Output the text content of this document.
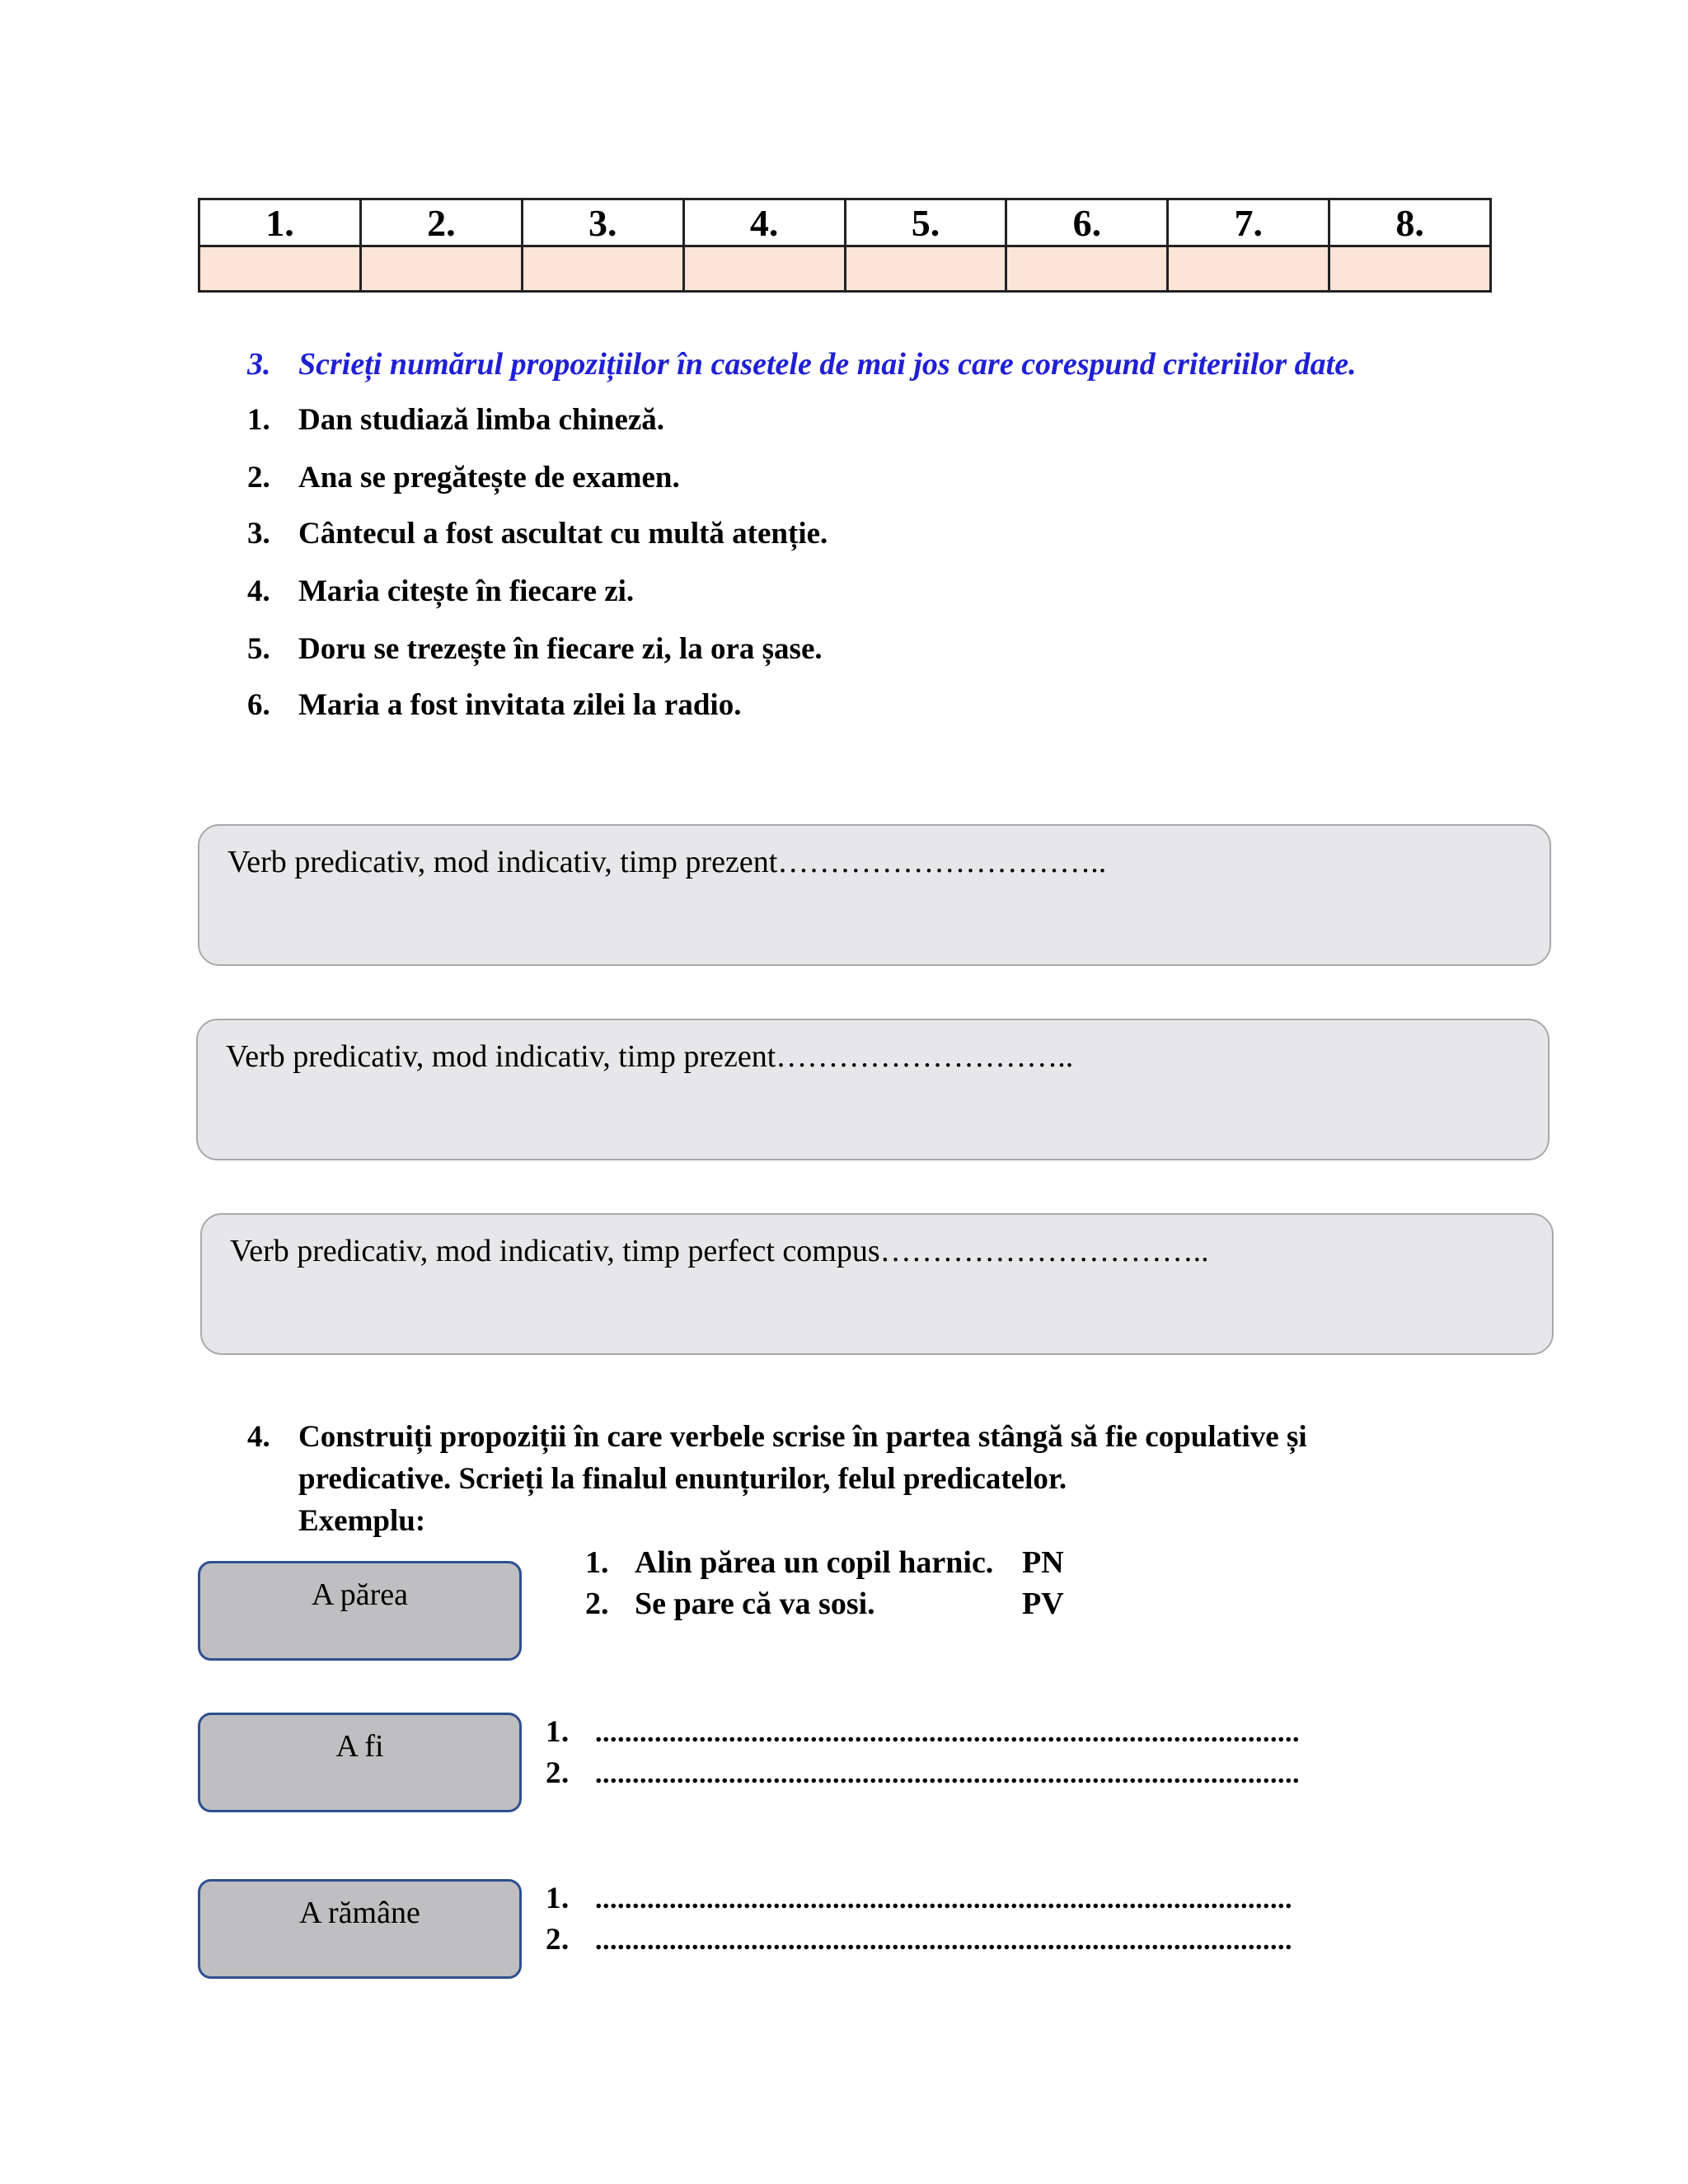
1.	2.	3.	4.	5.	6.	7.	8.

3. Scrieți numărul propozițiilor în casetele de mai jos care corespund criteriilor date.
1. Dan studiază limba chineză.
2. Ana se pregătește de examen.
3. Cântecul a fost ascultat cu multă atenție.
4. Maria citește în fiecare zi.
5. Doru se trezește în fiecare zi, la ora șase.
6. Maria a fost invitata zilei la radio.
Verb predicativ, mod indicativ, timp prezent…………………………..
Verb predicativ, mod indicativ, timp prezent………………………..
Verb predicativ, mod indicativ, timp perfect compus…………………………..
4. Construiți propoziții în care verbele scrise în partea stângă să fie copulative și predicative. Scrieți la finalul enunțurilor, felul predicatelor.
Exemplu:
A părea
1. Alin părea un copil harnic. PN
2. Se pare că va sosi.	PV
A fi	1. ...............................................................................................
2. ...............................................................................................
A rămâne	1. ..............................................................................................
2. ..............................................................................................
